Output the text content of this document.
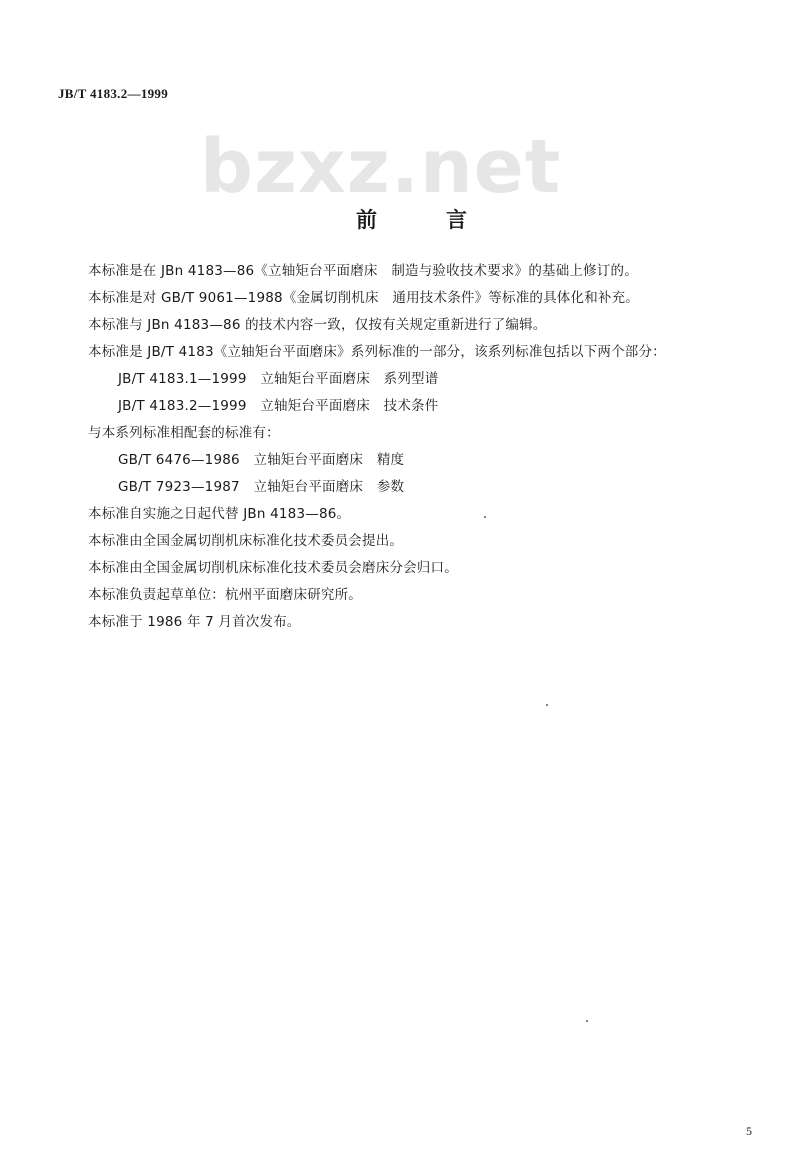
JB/T 4183.2—1999
bzxz.net
前　言
本标准是在 JBn 4183—86《立轴矩台平面磨床　制造与验收技术要求》的基础上修订的。
本标准是对 GB/T 9061—1988《金属切削机床　通用技术条件》等标准的具体化和补充。
本标准与 JBn 4183—86 的技术内容一致，仅按有关规定重新进行了编辑。
本标准是 JB/T 4183《立轴矩台平面磨床》系列标准的一部分，该系列标准包括以下两个部分：
JB/T 4183.1—1999　立轴矩台平面磨床　系列型谱
JB/T 4183.2—1999　立轴矩台平面磨床　技术条件
与本系列标准相配套的标准有：
GB/T 6476—1986　立轴矩台平面磨床　精度
GB/T 7923—1987　立轴矩台平面磨床　参数
本标准自实施之日起代替 JBn 4183—86。
本标准由全国金属切削机床标准化技术委员会提出。
本标准由全国金属切削机床标准化技术委员会磨床分会归口。
本标准负责起草单位：杭州平面磨床研究所。
本标准于 1986 年 7 月首次发布。
5
